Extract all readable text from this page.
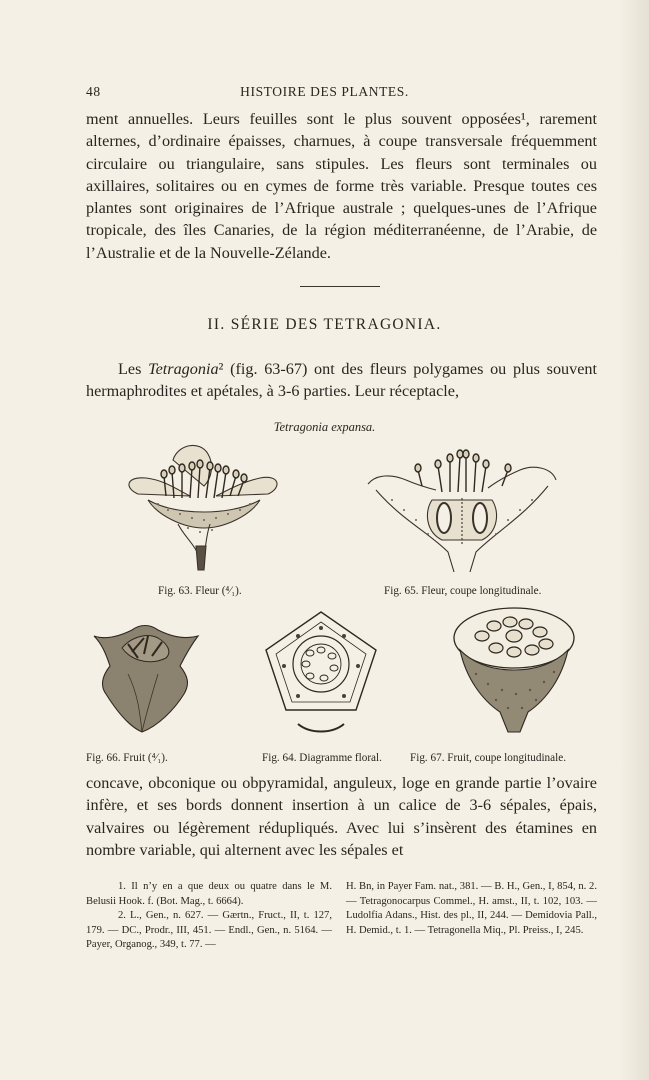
48	HISTOIRE DES PLANTES.

ment annuelles. Leurs feuilles sont le plus souvent opposées¹, rarement alternes, d’ordinaire épaisses, charnues, à coupe transversale fréquemment circulaire ou triangulaire, sans stipules. Les fleurs sont terminales ou axillaires, solitaires ou en cymes de forme très variable. Presque toutes ces plantes sont originaires de l’Afrique australe ; quelques-unes de l’Afrique tropicale, des îles Canaries, de la région méditerranéenne, de l’Arabie, de l’Australie et de la Nouvelle-Zélande.

II. SÉRIE DES TETRAGONIA.

Les Tetragonia² (fig. 63-67) ont des fleurs polygames ou plus souvent hermaphrodites et apétales, à 3-6 parties. Leur réceptacle,

Tetragonia expansa.
Fig. 63. Fleur (⁴⁄₁).	Fig. 65. Fleur, coupe longitudinale.
Fig. 66. Fruit (⁴⁄₁).	Fig. 64. Diagramme floral.	Fig. 67. Fruit, coupe longitudinale.

concave, obconique ou obpyramidal, anguleux, loge en grande partie l’ovaire infère, et ses bords donnent insertion à un calice de 3-6 sépales, épais, valvaires ou légèrement rédupliqués. Avec lui s’insèrent des étamines en nombre variable, qui alternent avec les sépales et

1. Il n’y en a que deux ou quatre dans le M. Belusii Hook. f. (Bot. Mag., t. 6664).

2. L., Gen., n. 627. — Gærtn., Fruct., II, t. 127, 179. — DC., Prodr., III, 451. — Endl., Gen., n. 5164. — Payer, Organog., 349, t. 77. —

H. Bn, in Payer Fam. nat., 381. — B. H., Gen., I, 854, n. 2. — Tetragonocarpus Commel., H. amst., II, t. 102, 103. — Ludolfia Adans., Hist. des pl., II, 244. — Demidovia Pall., H. Demid., t. 1. — Tetragonella Miq., Pl. Preiss., I, 245.
